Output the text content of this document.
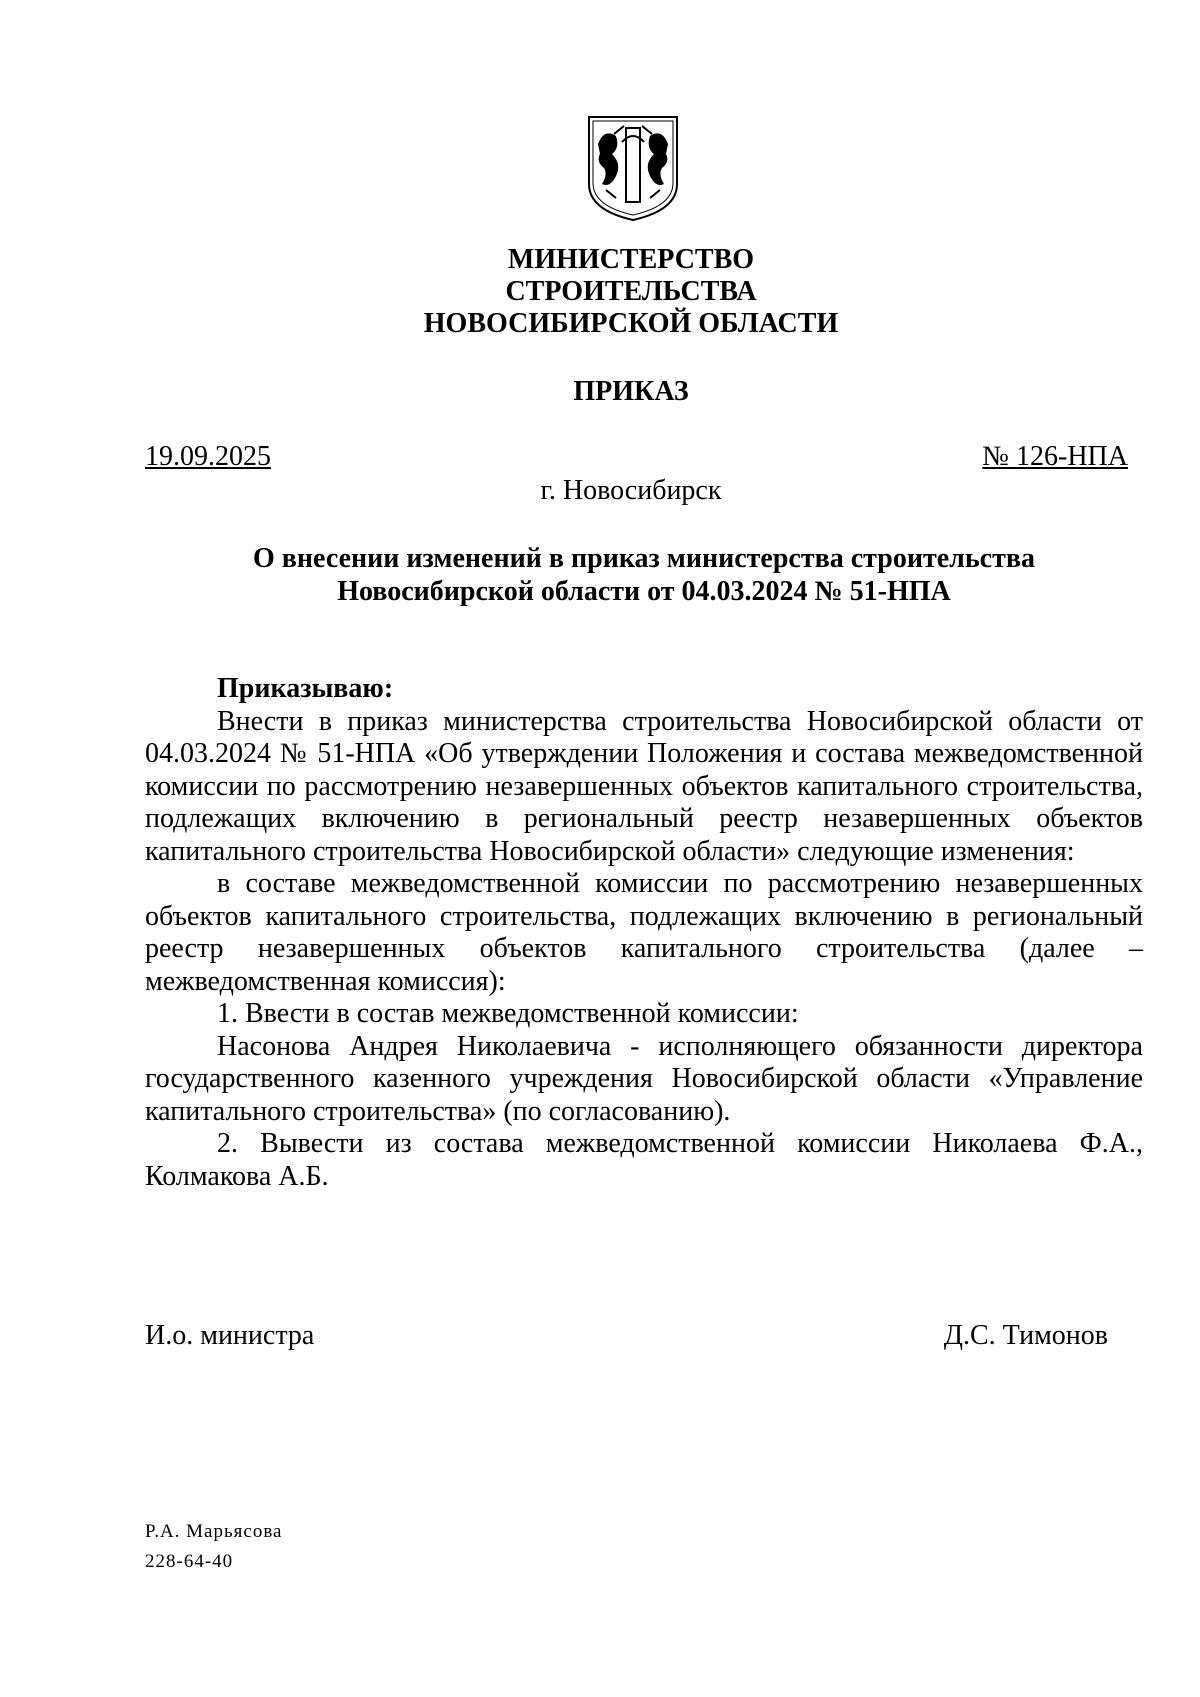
МИНИСТЕРСТВО
СТРОИТЕЛЬСТВА
НОВОСИБИРСКОЙ ОБЛАСТИ
ПРИКАЗ
19.09.2025	№ 126-НПА
г. Новосибирск
О внесении изменений в приказ министерства строительства
Новосибирской области от 04.03.2024 № 51-НПА
Приказываю:

Внести в приказ министерства строительства Новосибирской области от 04.03.2024 № 51-НПА «Об утверждении Положения и состава межведомственной комиссии по рассмотрению незавершенных объектов капитального строительства, подлежащих включению в региональный реестр незавершенных объектов капитального строительства Новосибирской области» следующие изменения:

в составе межведомственной комиссии по рассмотрению незавершенных объектов капитального строительства, подлежащих включению в региональный реестр незавершенных объектов капитального строительства (далее – межведомственная комиссия):

1. Ввести в состав межведомственной комиссии:

Насонова Андрея Николаевича - исполняющего обязанности директора государственного казенного учреждения Новосибирской области «Управление капитального строительства» (по согласованию).

2. Вывести из состава межведомственной комиссии Николаева Ф.А., Колмакова А.Б.

И.о. министра	Д.С. Тимонов
Р.А. Марьясова
228-64-40
